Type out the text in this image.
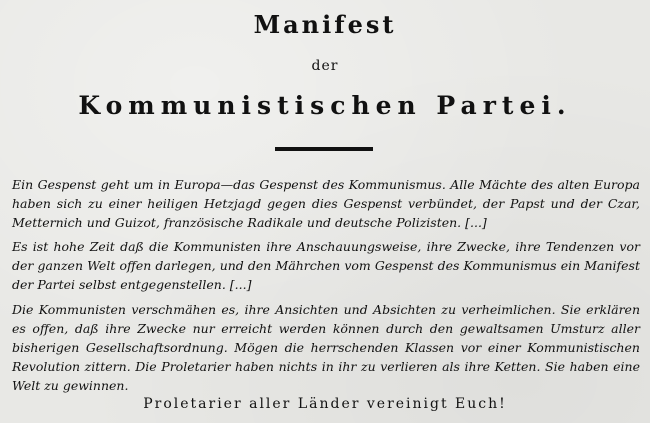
Manifest
der
Kommunistischen Partei.
Ein Gespenst geht um in Europa—das Gespenst des Kommunismus. Alle Mächte des alten Europa haben sich zu einer heiligen Hetzjagd gegen dies Gespenst verbündet, der Papst und der Czar, Metternich und Guizot, französische Radikale und deutsche Polizisten. [...]
Es ist hohe Zeit daß die Kommunisten ihre Anschauungsweise, ihre Zwecke, ihre Tendenzen vor der ganzen Welt offen darlegen, und den Mährchen vom Gespenst des Kommunismus ein Manifest der Partei selbst entgegenstellen. [...]
Die Kommunisten verschmähen es, ihre Ansichten und Absichten zu verheimlichen. Sie erklären es offen, daß ihre Zwecke nur erreicht werden können durch den gewaltsamen Umsturz aller bisherigen Gesellschaftsordnung. Mögen die herrschenden Klassen vor einer Kommunistischen Revolution zittern. Die Proletarier haben nichts in ihr zu verlieren als ihre Ketten. Sie haben eine Welt zu gewinnen.
Proletarier aller Länder vereinigt Euch!
